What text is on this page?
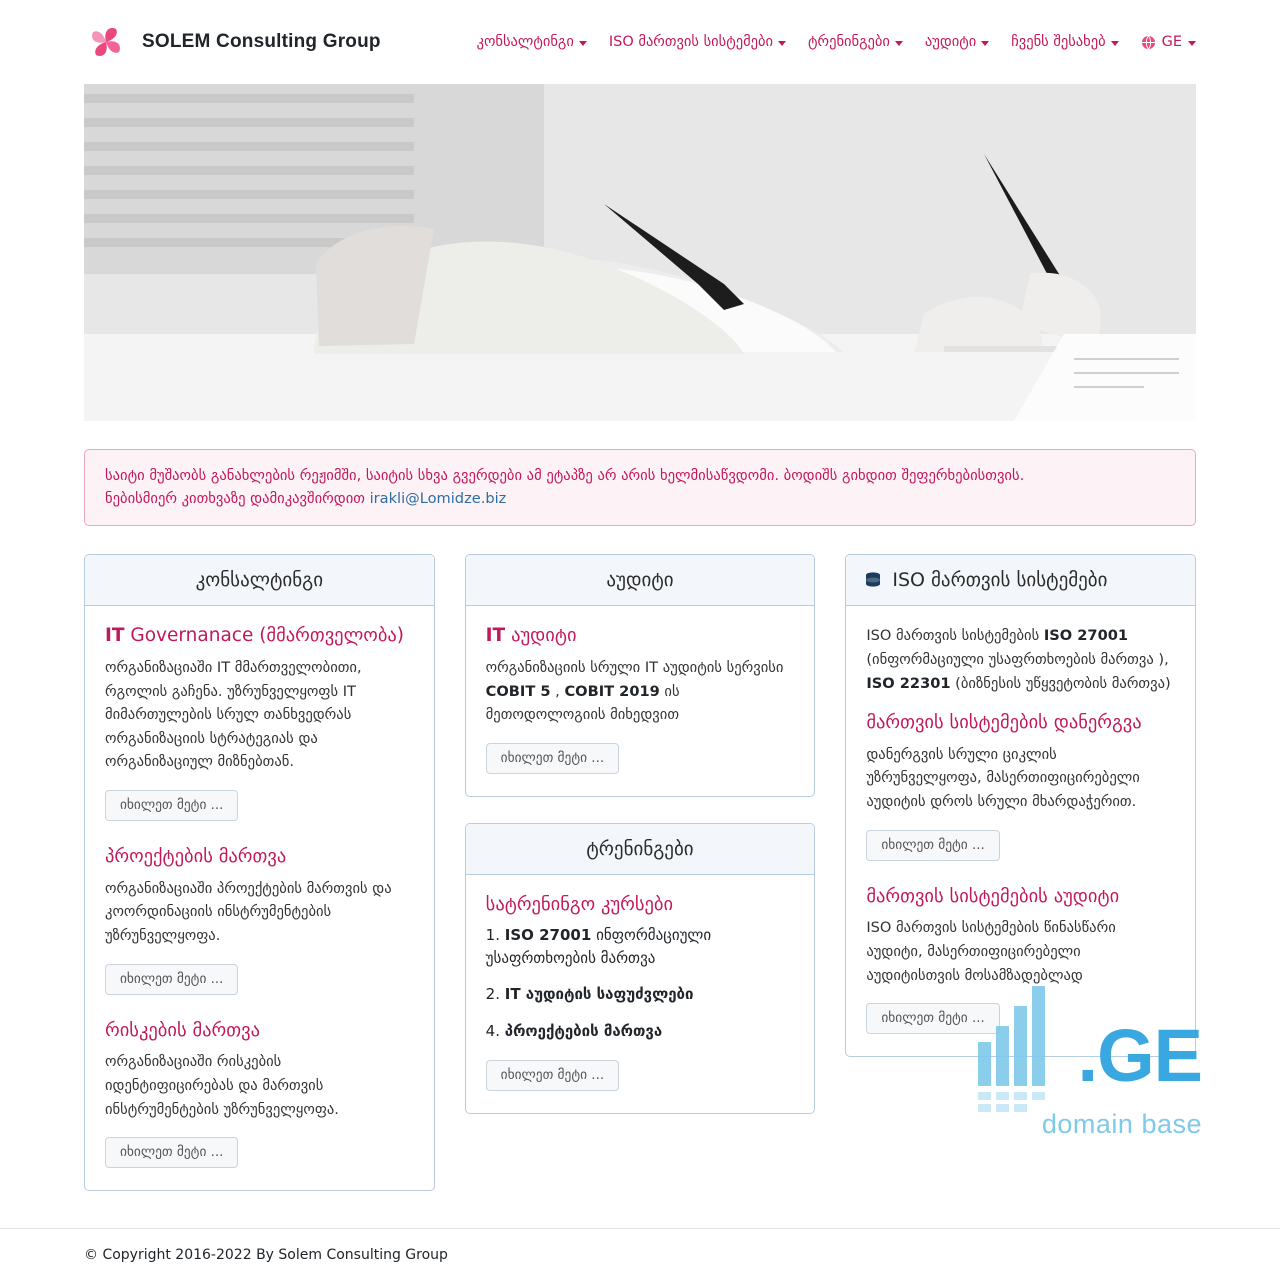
SOLEM Consulting Group	კონსალტინგი ISO მართვის სისტემები ტრენინგები აუდიტი ჩვენს შესახებ	GE
საიტი მუშაობს განახლების რეჟიმში, საიტის სხვა გვერდები ამ ეტაპზე არ არის ხელმისაწვდომი. ბოდიშს გიხდით შეფერხებისთვის.
ნებისმიერ კითხვაზე დამიკავშირდით irakli@Lomidze.biz
კონსალტინგი
IT Governanace (მმართველობა)

ორგანიზაციაში IT მმართველობითი, რგოლის გაჩენა. უზრუნველყოფს IT მიმართულების სრულ თანხვედრას ორგანიზაციის სტრატეგიას და ორგანიზაციულ მიზნებთან.

იხილეთ მეტი ...
პროექტების მართვა

ორგანიზაციაში პროექტების მართვის და კოორდინაციის ინსტრუმენტების უზრუნველყოფა.

იხილეთ მეტი ...
რისკების მართვა

ორგანიზაციაში რისკების იდენტიფიცირებას და მართვის ინსტრუმენტების უზრუნველყოფა.

იხილეთ მეტი ...
აუდიტი
IT აუდიტი

ორგანიზაციის სრული IT აუდიტის სერვისი COBIT 5 , COBIT 2019 ის მეთოდოლოგიის მიხედვით

იხილეთ მეტი ...
ტრენინგები
სატრენინგო კურსები
1. ISO 27001 ინფორმაციული უსაფრთხოების მართვა
2. IT აუდიტის საფუძვლები
4. პროექტების მართვა
იხილეთ მეტი ...
ISO მართვის სისტემები

ISO მართვის სისტემების ISO 27001 (ინფორმაციული უსაფრთხოების მართვა ), ISO 22301 (ბიზნესის უწყვეტობის მართვა)

მართვის სისტემების დანერგვა

დანერგვის სრული ციკლის უზრუნველყოფა, მასერთიფიცირებელი აუდიტის დროს სრული მხარდაჭერით.

იხილეთ მეტი ...
მართვის სისტემების აუდიტი

ISO მართვის სისტემების წინასწარი აუდიტი, მასერთიფიცირებელი აუდიტისთვის მოსამზადებლად

იხილეთ მეტი ...	.GE
domain base
© Copyright 2016-2022 By Solem Consulting Group
